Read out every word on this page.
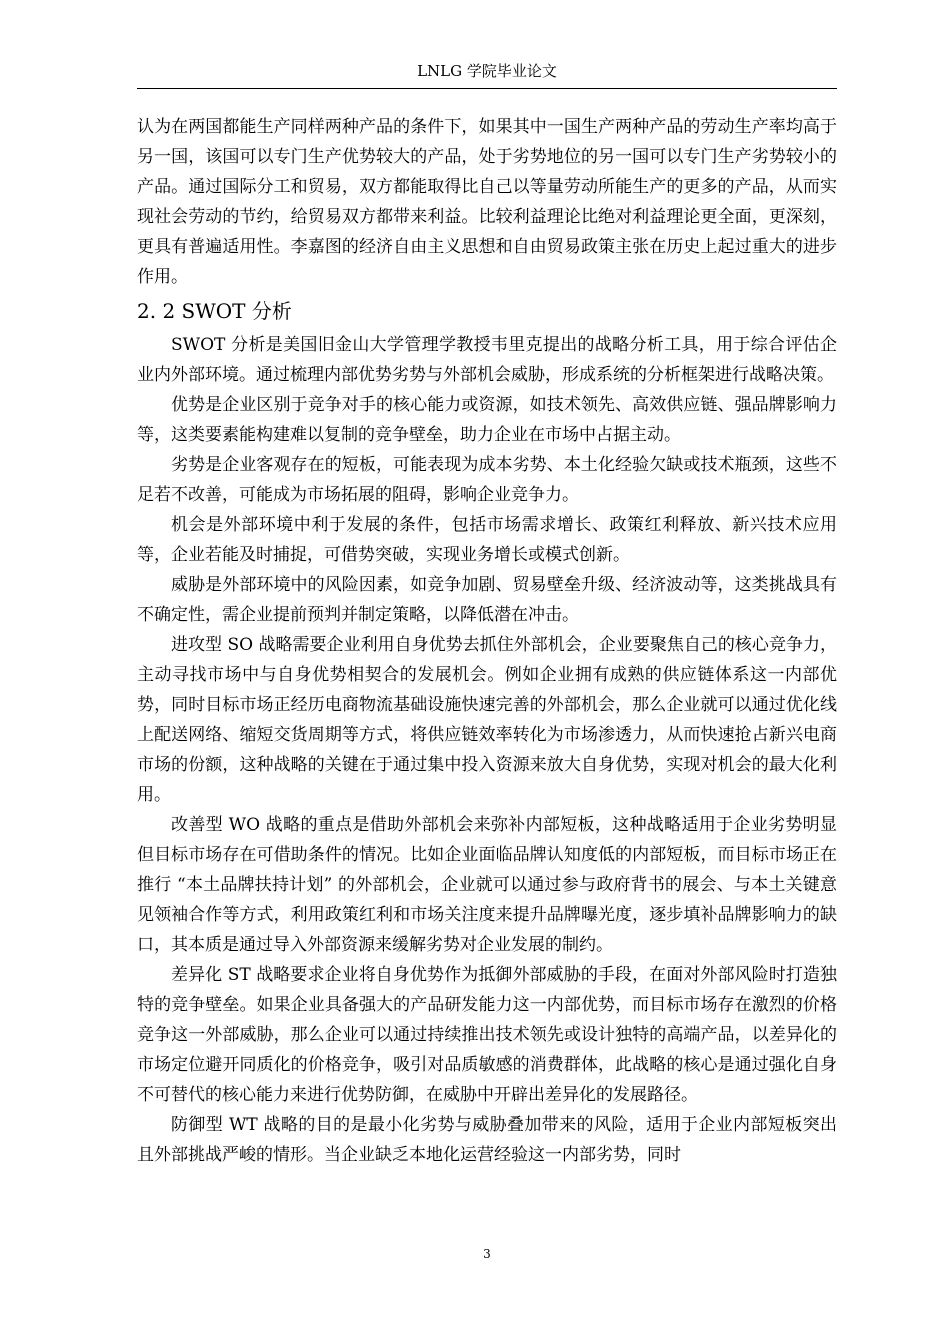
LNLG 学院毕业论文

认为在两国都能生产同样两种产品的条件下，如果其中一国生产两种产品的劳动生产率均高于另一国，该国可以专门生产优势较大的产品，处于劣势地位的另一国可以专门生产劣势较小的产品。通过国际分工和贸易，双方都能取得比自己以等量劳动所能生产的更多的产品，从而实现社会劳动的节约，给贸易双方都带来利益。比较利益理论比绝对利益理论更全面，更深刻，更具有普遍适用性。李嘉图的经济自由主义思想和自由贸易政策主张在历史上起过重大的进步作用。

2. 2 SWOT 分析

SWOT 分析是美国旧金山大学管理学教授韦里克提出的战略分析工具，用于综合评估企业内外部环境。通过梳理内部优势劣势与外部机会威胁，形成系统的分析框架进行战略决策。

优势是企业区别于竞争对手的核心能力或资源，如技术领先、高效供应链、强品牌影响力等，这类要素能构建难以复制的竞争壁垒，助力企业在市场中占据主动。

劣势是企业客观存在的短板，可能表现为成本劣势、本土化经验欠缺或技术瓶颈，这些不足若不改善，可能成为市场拓展的阻碍，影响企业竞争力。

机会是外部环境中利于发展的条件，包括市场需求增长、政策红利释放、新兴技术应用等，企业若能及时捕捉，可借势突破，实现业务增长或模式创新。

威胁是外部环境中的风险因素，如竞争加剧、贸易壁垒升级、经济波动等，这类挑战具有不确定性，需企业提前预判并制定策略，以降低潜在冲击。

进攻型 SO 战略需要企业利用自身优势去抓住外部机会，企业要聚焦自己的核心竞争力，主动寻找市场中与自身优势相契合的发展机会。例如企业拥有成熟的供应链体系这一内部优势，同时目标市场正经历电商物流基础设施快速完善的外部机会，那么企业就可以通过优化线上配送网络、缩短交货周期等方式，将供应链效率转化为市场渗透力，从而快速抢占新兴电商市场的份额，这种战略的关键在于通过集中投入资源来放大自身优势，实现对机会的最大化利用。

改善型 WO 战略的重点是借助外部机会来弥补内部短板，这种战略适用于企业劣势明显但目标市场存在可借助条件的情况。比如企业面临品牌认知度低的内部短板，而目标市场正在推行 “本土品牌扶持计划” 的外部机会，企业就可以通过参与政府背书的展会、与本土关键意见领袖合作等方式，利用政策红利和市场关注度来提升品牌曝光度，逐步填补品牌影响力的缺口，其本质是通过导入外部资源来缓解劣势对企业发展的制约。

差异化 ST 战略要求企业将自身优势作为抵御外部威胁的手段，在面对外部风险时打造独特的竞争壁垒。如果企业具备强大的产品研发能力这一内部优势，而目标市场存在激烈的价格竞争这一外部威胁，那么企业可以通过持续推出技术领先或设计独特的高端产品，以差异化的市场定位避开同质化的价格竞争，吸引对品质敏感的消费群体，此战略的核心是通过强化自身不可替代的核心能力来进行优势防御，在威胁中开辟出差异化的发展路径。

防御型 WT 战略的目的是最小化劣势与威胁叠加带来的风险，适用于企业内部短板突出且外部挑战严峻的情形。当企业缺乏本地化运营经验这一内部劣势，同时

3
